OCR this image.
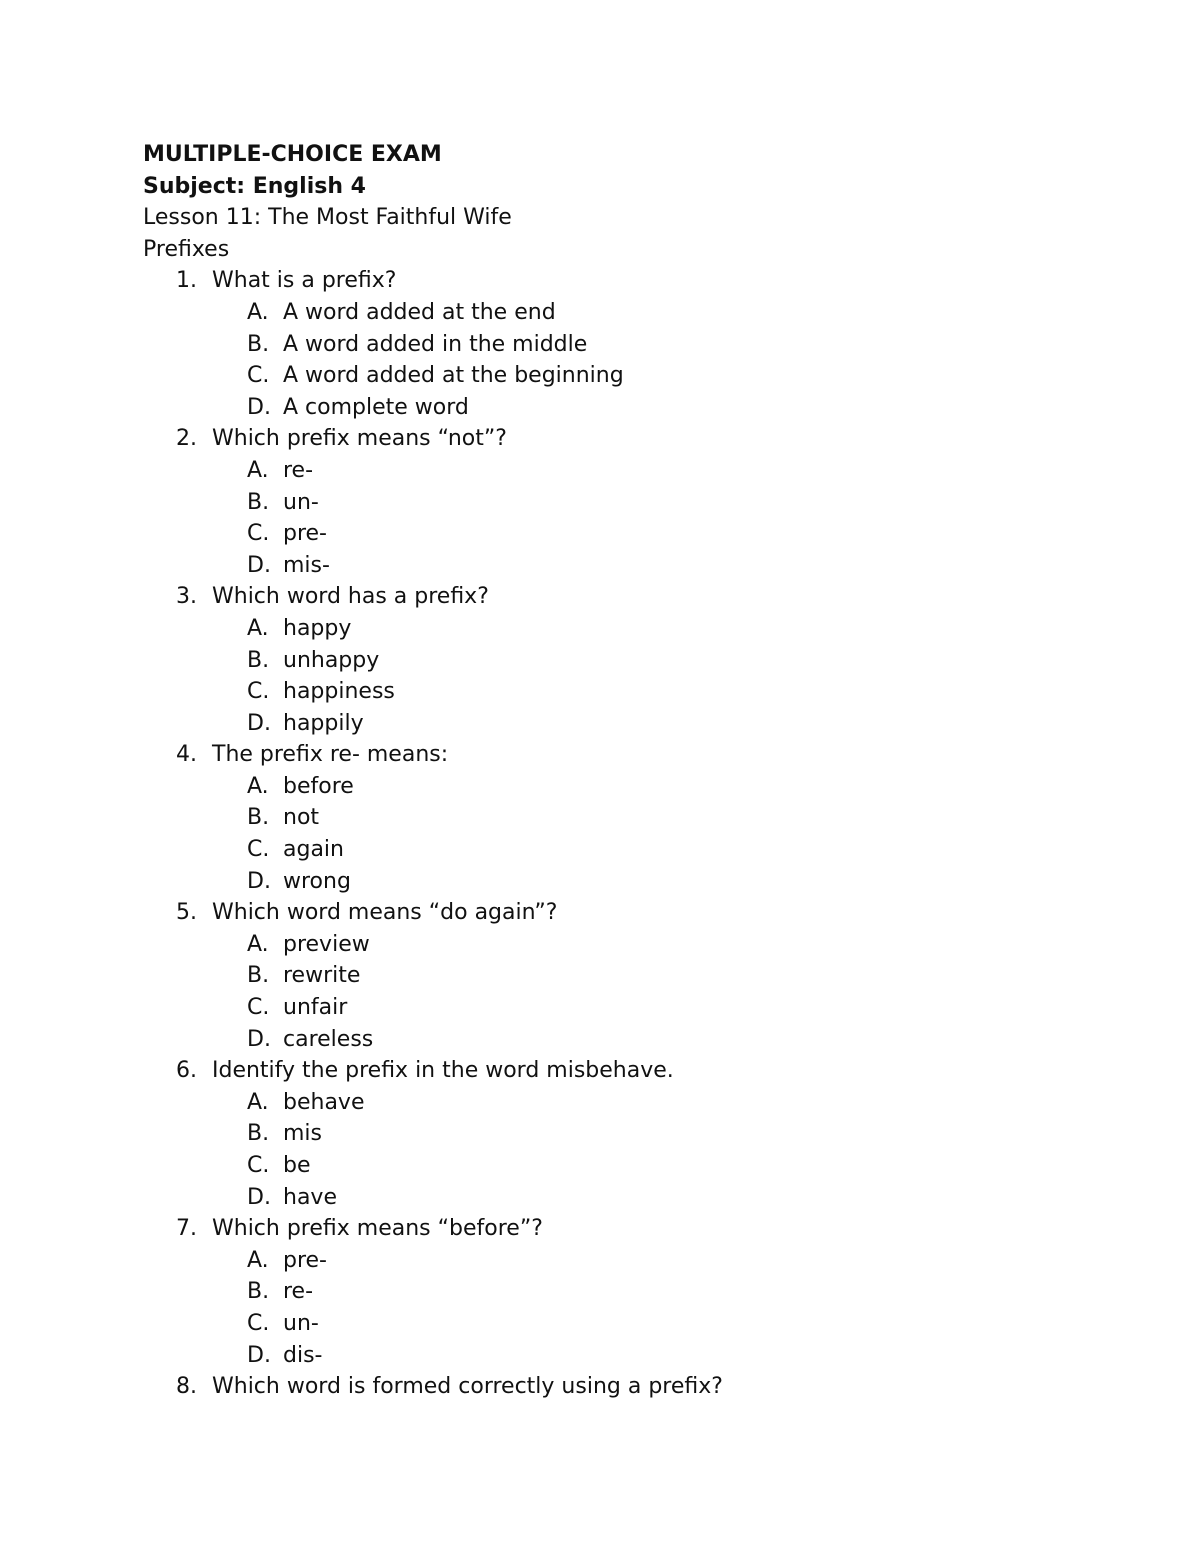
MULTIPLE-CHOICE EXAM
Subject: English 4
Lesson 11: The Most Faithful Wife
Prefixes
1. What is a prefix?
A. A word added at the end
B. A word added in the middle
C. A word added at the beginning
D. A complete word
2. Which prefix means “not”?
A. re-
B. un-
C. pre-
D. mis-
3. Which word has a prefix?
A. happy
B. unhappy
C. happiness
D. happily
4. The prefix re- means:
A. before
B. not
C. again
D. wrong
5. Which word means “do again”?
A. preview
B. rewrite
C. unfair
D. careless
6. Identify the prefix in the word misbehave.
A. behave
B. mis
C. be
D. have
7. Which prefix means “before”?
A. pre-
B. re-
C. un-
D. dis-
8. Which word is formed correctly using a prefix?
